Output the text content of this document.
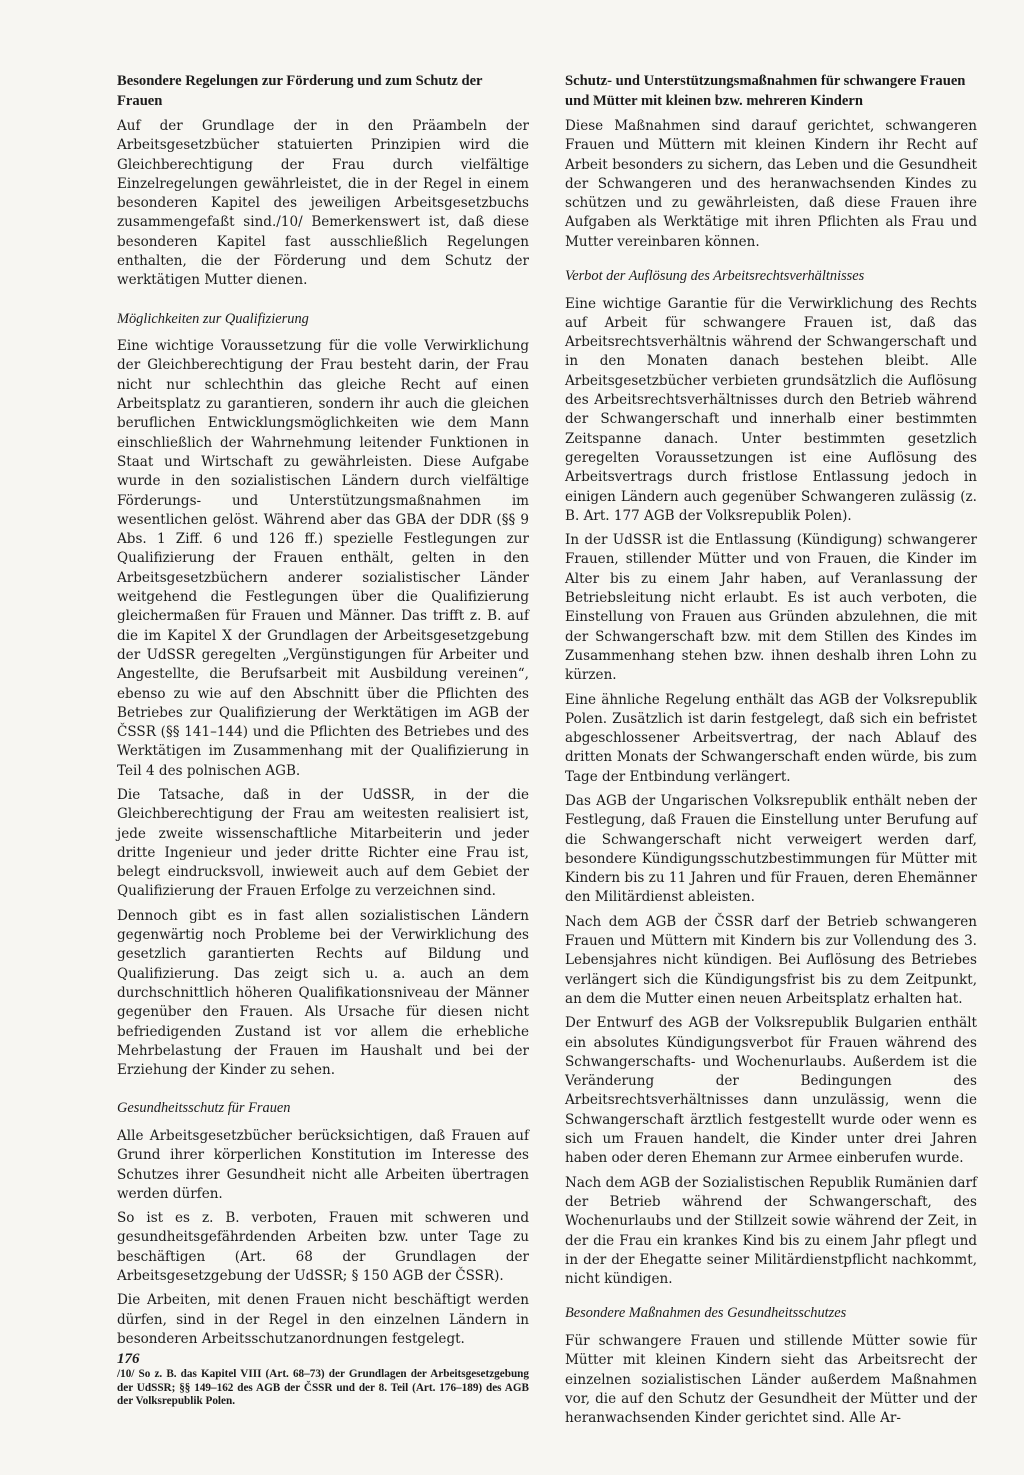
Besondere Regelungen zur Förderung und zum Schutz der Frauen

Auf der Grundlage der in den Präambeln der Arbeitsgesetzbücher statuierten Prinzipien wird die Gleichberechtigung der Frau durch vielfältige Einzelregelungen gewährleistet, die in der Regel in einem besonderen Kapitel des jeweiligen Arbeitsgesetzbuchs zusammengefaßt sind./10/ Bemerkenswert ist, daß diese besonderen Kapitel fast ausschließlich Regelungen enthalten, die der Förderung und dem Schutz der werktätigen Mutter dienen.

Möglichkeiten zur Qualifizierung

Eine wichtige Voraussetzung für die volle Verwirklichung der Gleichberechtigung der Frau besteht darin, der Frau nicht nur schlechthin das gleiche Recht auf einen Arbeitsplatz zu garantieren, sondern ihr auch die gleichen beruflichen Entwicklungsmöglichkeiten wie dem Mann einschließlich der Wahrnehmung leitender Funktionen in Staat und Wirtschaft zu gewährleisten. Diese Aufgabe wurde in den sozialistischen Ländern durch vielfältige Förderungs- und Unterstützungsmaßnahmen im wesentlichen gelöst. Während aber das GBA der DDR (§§ 9 Abs. 1 Ziff. 6 und 126 ff.) spezielle Festlegungen zur Qualifizierung der Frauen enthält, gelten in den Arbeitsgesetzbüchern anderer sozialistischer Länder weitgehend die Festlegungen über die Qualifizierung gleichermaßen für Frauen und Männer. Das trifft z. B. auf die im Kapitel X der Grundlagen der Arbeitsgesetzgebung der UdSSR geregelten „Vergünstigungen für Arbeiter und Angestellte, die Berufsarbeit mit Ausbildung vereinen“, ebenso zu wie auf den Abschnitt über die Pflichten des Betriebes zur Qualifizierung der Werktätigen im AGB der ČSSR (§§ 141–144) und die Pflichten des Betriebes und des Werktätigen im Zusammenhang mit der Qualifizierung in Teil 4 des polnischen AGB.

Die Tatsache, daß in der UdSSR, in der die Gleichberechtigung der Frau am weitesten realisiert ist, jede zweite wissenschaftliche Mitarbeiterin und jeder dritte Ingenieur und jeder dritte Richter eine Frau ist, belegt eindrucksvoll, inwieweit auch auf dem Gebiet der Qualifizierung der Frauen Erfolge zu verzeichnen sind.

Dennoch gibt es in fast allen sozialistischen Ländern gegenwärtig noch Probleme bei der Verwirklichung des gesetzlich garantierten Rechts auf Bildung und Qualifizierung. Das zeigt sich u. a. auch an dem durchschnittlich höheren Qualifikationsniveau der Männer gegenüber den Frauen. Als Ursache für diesen nicht befriedigenden Zustand ist vor allem die erhebliche Mehrbelastung der Frauen im Haushalt und bei der Erziehung der Kinder zu sehen.

Gesundheitsschutz für Frauen

Alle Arbeitsgesetzbücher berücksichtigen, daß Frauen auf Grund ihrer körperlichen Konstitution im Interesse des Schutzes ihrer Gesundheit nicht alle Arbeiten übertragen werden dürfen.

So ist es z. B. verboten, Frauen mit schweren und gesundheitsgefährdenden Arbeiten bzw. unter Tage zu beschäftigen (Art. 68 der Grundlagen der Arbeitsgesetzgebung der UdSSR; § 150 AGB der ČSSR).

Die Arbeiten, mit denen Frauen nicht beschäftigt werden dürfen, sind in der Regel in den einzelnen Ländern in besonderen Arbeitsschutzanordnungen festgelegt.

/10/ So z. B. das Kapitel VIII (Art. 68–73) der Grundlagen der Arbeitsgesetzgebung der UdSSR; §§ 149–162 des AGB der ČSSR und der 8. Teil (Art. 176–189) des AGB der Volksrepublik Polen.

Schutz- und Unterstützungsmaßnahmen für schwangere Frauen und Mütter mit kleinen bzw. mehreren Kindern

Diese Maßnahmen sind darauf gerichtet, schwangeren Frauen und Müttern mit kleinen Kindern ihr Recht auf Arbeit besonders zu sichern, das Leben und die Gesundheit der Schwangeren und des heranwachsenden Kindes zu schützen und zu gewährleisten, daß diese Frauen ihre Aufgaben als Werktätige mit ihren Pflichten als Frau und Mutter vereinbaren können.

Verbot der Auflösung des Arbeitsrechtsverhältnisses

Eine wichtige Garantie für die Verwirklichung des Rechts auf Arbeit für schwangere Frauen ist, daß das Arbeitsrechtsverhältnis während der Schwangerschaft und in den Monaten danach bestehen bleibt. Alle Arbeitsgesetzbücher verbieten grundsätzlich die Auflösung des Arbeitsrechtsverhältnisses durch den Betrieb während der Schwangerschaft und innerhalb einer bestimmten Zeitspanne danach. Unter bestimmten gesetzlich geregelten Voraussetzungen ist eine Auflösung des Arbeitsvertrags durch fristlose Entlassung jedoch in einigen Ländern auch gegenüber Schwangeren zulässig (z. B. Art. 177 AGB der Volksrepublik Polen).

In der UdSSR ist die Entlassung (Kündigung) schwangerer Frauen, stillender Mütter und von Frauen, die Kinder im Alter bis zu einem Jahr haben, auf Veranlassung der Betriebsleitung nicht erlaubt. Es ist auch verboten, die Einstellung von Frauen aus Gründen abzulehnen, die mit der Schwangerschaft bzw. mit dem Stillen des Kindes im Zusammenhang stehen bzw. ihnen deshalb ihren Lohn zu kürzen.

Eine ähnliche Regelung enthält das AGB der Volksrepublik Polen. Zusätzlich ist darin festgelegt, daß sich ein befristet abgeschlossener Arbeitsvertrag, der nach Ablauf des dritten Monats der Schwangerschaft enden würde, bis zum Tage der Entbindung verlängert.

Das AGB der Ungarischen Volksrepublik enthält neben der Festlegung, daß Frauen die Einstellung unter Berufung auf die Schwangerschaft nicht verweigert werden darf, besondere Kündigungsschutzbestimmungen für Mütter mit Kindern bis zu 11 Jahren und für Frauen, deren Ehemänner den Militärdienst ableisten.

Nach dem AGB der ČSSR darf der Betrieb schwangeren Frauen und Müttern mit Kindern bis zur Vollendung des 3. Lebensjahres nicht kündigen. Bei Auflösung des Betriebes verlängert sich die Kündigungsfrist bis zu dem Zeitpunkt, an dem die Mutter einen neuen Arbeitsplatz erhalten hat.

Der Entwurf des AGB der Volksrepublik Bulgarien enthält ein absolutes Kündigungsverbot für Frauen während des Schwangerschafts- und Wochenurlaubs. Außerdem ist die Veränderung der Bedingungen des Arbeitsrechtsverhältnisses dann unzulässig, wenn die Schwangerschaft ärztlich festgestellt wurde oder wenn es sich um Frauen handelt, die Kinder unter drei Jahren haben oder deren Ehemann zur Armee einberufen wurde.

Nach dem AGB der Sozialistischen Republik Rumänien darf der Betrieb während der Schwangerschaft, des Wochenurlaubs und der Stillzeit sowie während der Zeit, in der die Frau ein krankes Kind bis zu einem Jahr pflegt und in der der Ehegatte seiner Militärdienstpflicht nachkommt, nicht kündigen.

Besondere Maßnahmen des Gesundheitsschutzes

Für schwangere Frauen und stillende Mütter sowie für Mütter mit kleinen Kindern sieht das Arbeitsrecht der einzelnen sozialistischen Länder außerdem Maßnahmen vor, die auf den Schutz der Gesundheit der Mütter und der heranwachsenden Kinder gerichtet sind. Alle Ar-

176
